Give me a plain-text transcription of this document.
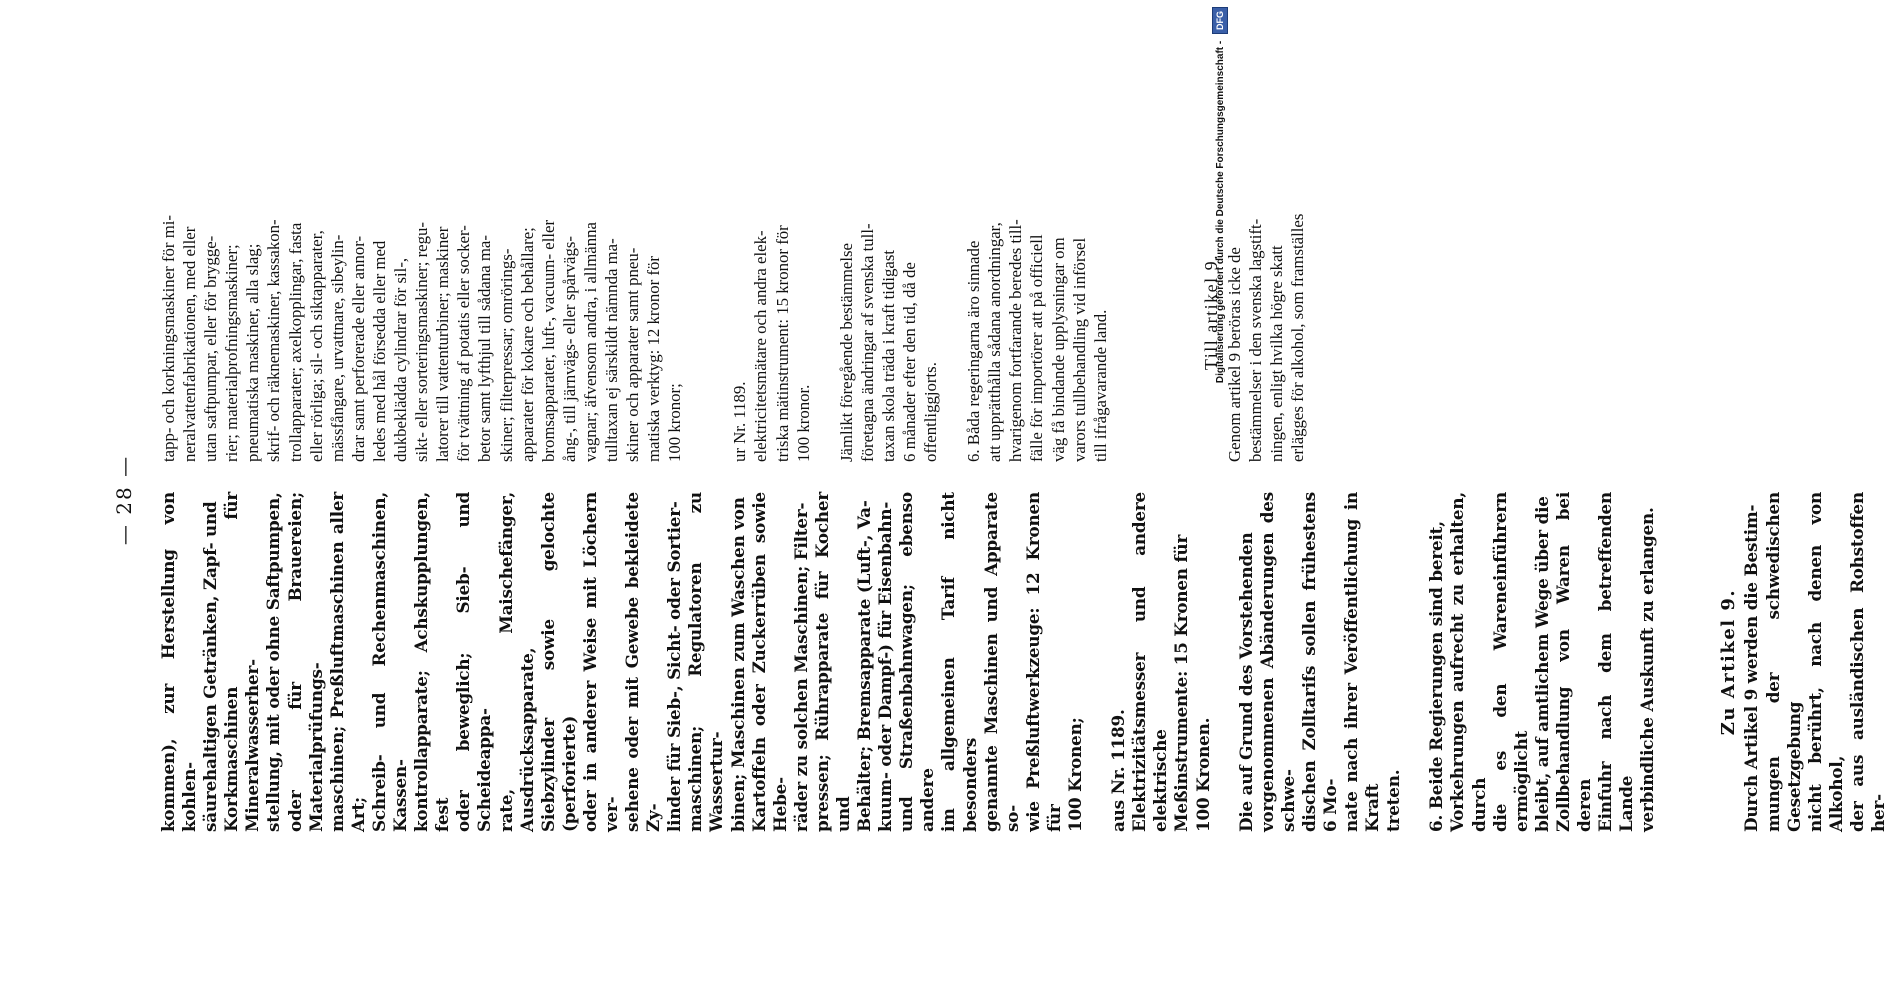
— 28 —

kommen), zur Herstellung von kohlen-
säurehaltigen Getränken, Zapf- und
Korkmaschinen für Mineralwasserher-
stellung, mit oder ohne Saftpumpen,
oder für Brauereien; Materialprüfungs-
maschinen; Preßluftmaschinen aller Art;
Schreib- und Rechenmaschinen, Kassen-
kontrollapparate; Achskupplungen, fest
oder beweglich; Sieb- und Scheideappa-
rate, Maischefänger, Ausdrücksapparate,
Siebzylinder sowie gelochte (perforierte)
oder in anderer Weise mit Löchern ver-
sehene oder mit Gewebe bekleidete Zy-
linder für Sieb-, Sicht- oder Sortier-
maschinen; Regulatoren zu Wassertur-
binen; Maschinen zum Waschen von
Kartoffeln oder Zuckerrüben sowie Hebe-
räder zu solchen Maschinen; Filter-
pressen; Rührapparate für Kocher und
Behälter; Bremsapparate (Luft-, Va-
kuum- oder Dampf-) für Eisenbahn-
und Straßenbahnwagen; ebenso andere
im allgemeinen Tarif nicht besonders
genannte Maschinen und Apparate so-
wie Preßluftwerkzeuge: 12 Kronen für
100 Kronen;

aus Nr. 1189.
Elektrizitätsmesser und andere elektrische
Meßinstrumente: 15 Kronen für
100 Kronen.

Die auf Grund des Vorstehenden
vorgenommenen Abänderungen des schwe-
dischen Zolltarifs sollen frühestens 6 Mo-
nate nach ihrer Veröffentlichung in Kraft
treten. 6. Beide Regierungen sind bereit,
Vorkehrungen aufrecht zu erhalten, durch
die es den Wareneinführern ermöglicht
bleibt, auf amtlichem Wege über die
Zollbehandlung von Waren bei deren
Einfuhr nach dem betreffenden Lande
verbindliche Auskunft zu erlangen.

Zu Artikel 9.

Durch Artikel 9 werden die Bestim-
mungen der schwedischen Gesetzgebung
nicht berührt, nach denen von Alkohol,
der aus ausländischen Rohstoffen her-

tapp- och korkningsmaskiner för mi-
neralvattenfabrikationen, med eller
utan saftpumpar, eller för brygge-
rier; materialprofningsmaskiner;
pneumatiska maskiner, alla slag;
skrif- och räknemaskiner, kassakon-
trollapparater; axelkopplingar, fasta
eller rörliga; sil- och siktapparater,
mässfångare, urvattnare, sibeylin-
drar samt perforerade eller annor-
ledes med hål försedda eller med
dukbeklädda cylindrar för sil-,
sikt- eller sorteringsmaskiner; regu-
latorer till vattenturbiner; maskiner
för tvättning af potatis eller socker-
betor samt lyfthjul till sådana ma-
skiner; filterpressar; omrörings-
apparater för kokare och behållare;
bromsapparater, luft-, vacuum- eller
ång-, till järnvägs- eller spårvägs-
vagnar; äfvensom andra, i allmänna
tulltaxan ej särskildt nämnda ma-
skiner och apparater samt pneu-
matiska verktyg: 12 kronor för
100 kronor;

ur Nr. 1189.
elektricitetsmätare och andra elek-
triska mätinstrument: 15 kronor för
100 kronor.

Jämlikt föregående bestämmelse
företagna ändringar af svenska tull-
taxan skola träda i kraft tidigast
6 månader efter den tid, då de
offentliggjorts. 6. Båda regeringarna äro sinnade
att upprätthålla sådana anordningar,
hvarigenom fortfarande beredes till-
fälle för importörer att på officiell
väg få bindande upplysningar om
varors tullbehandling vid införsel
till ifrågavarande land.	Till artikel 9.

Genom artikel 9 beröras icke de
bestämmelser i den svenska lagstift-
ningen, enligt hvilka högre skatt
erlägges för alkohol, som framställes

Digitalisierung gefördert durch die Deutsche Forschungsgemeinschaft - DFG
